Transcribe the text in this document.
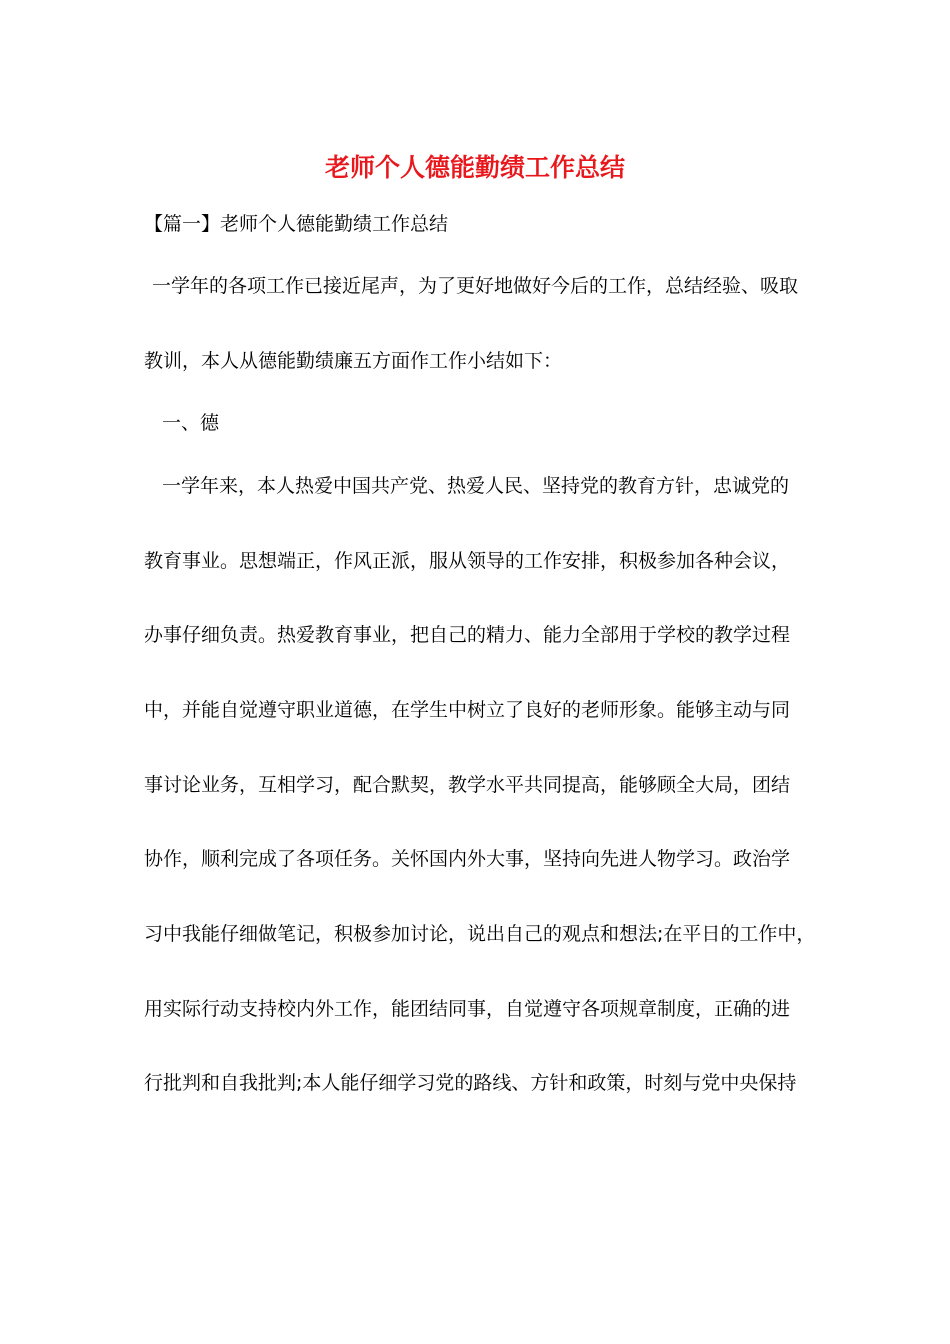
老师个人德能勤绩工作总结
【篇一】老师个人德能勤绩工作总结
一学年的各项工作已接近尾声，为了更好地做好今后的工作，总结经验、吸取
教训，本人从德能勤绩廉五方面作工作小结如下：
一、德
一学年来，本人热爱中国共产党、热爱人民、坚持党的教育方针，忠诚党的
教育事业。思想端正，作风正派，服从领导的工作安排，积极参加各种会议，
办事仔细负责。热爱教育事业，把自己的精力、能力全部用于学校的教学过程
中，并能自觉遵守职业道德，在学生中树立了良好的老师形象。能够主动与同
事讨论业务，互相学习，配合默契，教学水平共同提高，能够顾全大局，团结
协作，顺利完成了各项任务。关怀国内外大事，坚持向先进人物学习。政治学
习中我能仔细做笔记，积极参加讨论，说出自己的观点和想法;在平日的工作中，
用实际行动支持校内外工作，能团结同事，自觉遵守各项规章制度，正确的进
行批判和自我批判;本人能仔细学习党的路线、方针和政策，时刻与党中央保持
